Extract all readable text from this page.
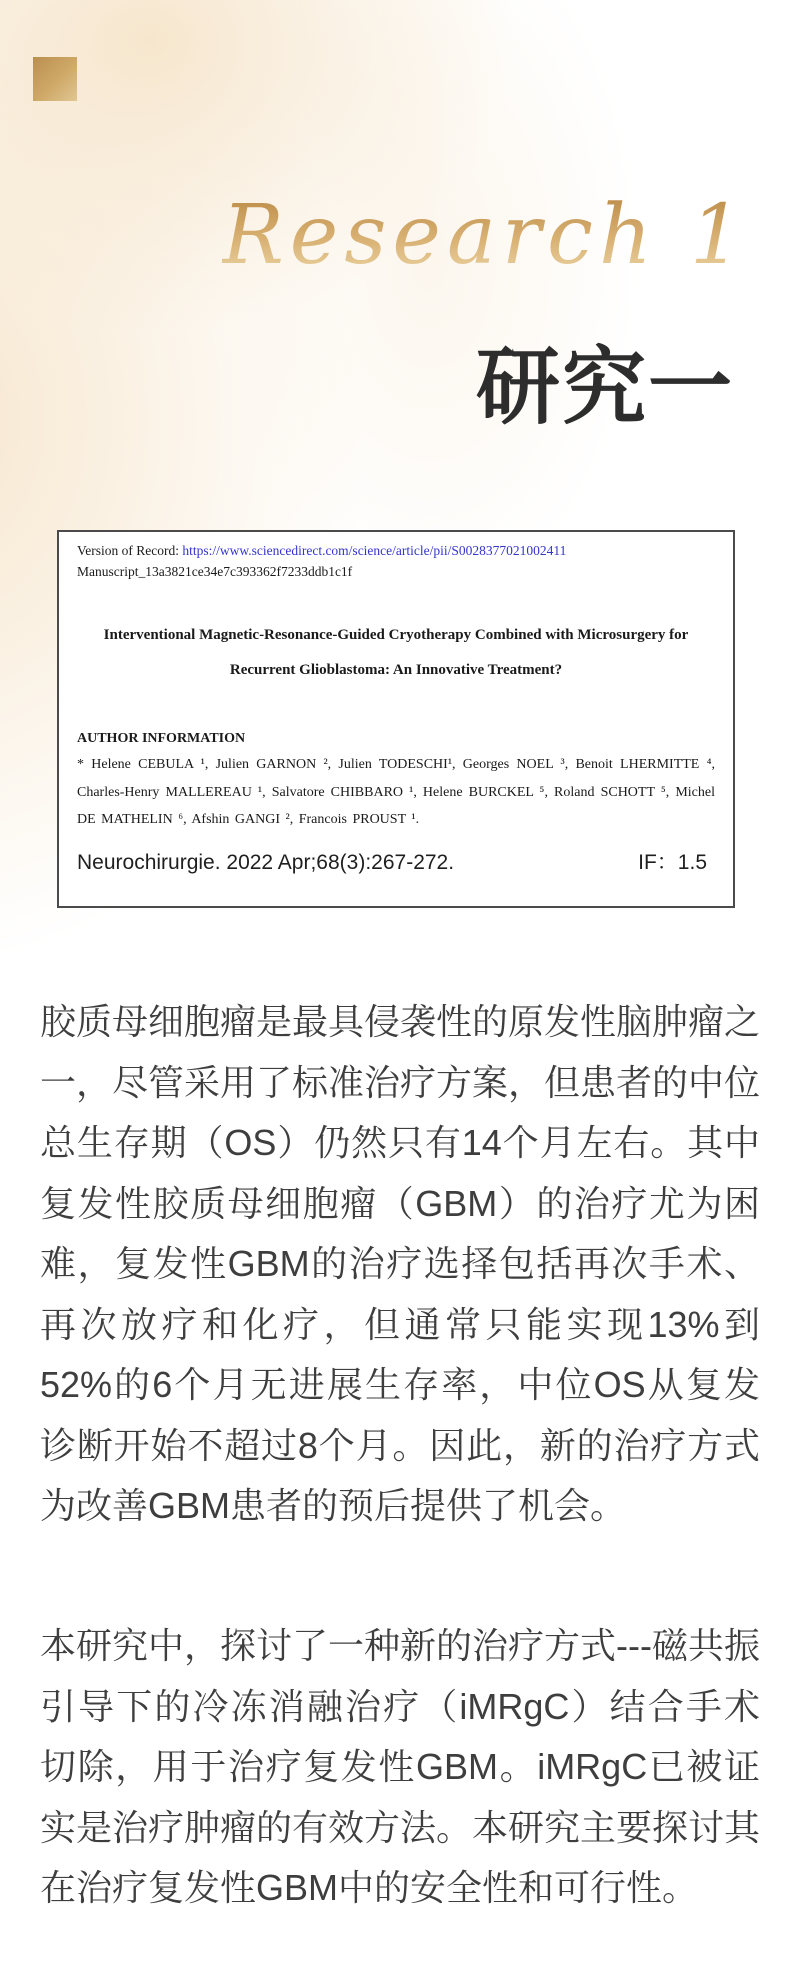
Research 1
研究一
Version of Record: https://www.sciencedirect.com/science/article/pii/S0028377021002411
Manuscript_13a3821ce34e7c393362f7233ddb1c1f
Interventional Magnetic-Resonance-Guided Cryotherapy Combined with Microsurgery for Recurrent Glioblastoma: An Innovative Treatment?
AUTHOR INFORMATION

* Helene CEBULA ¹, Julien GARNON ², Julien TODESCHI¹, Georges NOEL ³, Benoit LHERMITTE ⁴, Charles-Henry MALLEREAU ¹, Salvatore CHIBBARO ¹, Helene BURCKEL ⁵, Roland SCHOTT ⁵, Michel DE MATHELIN ⁶, Afshin GANGI ², Francois PROUST ¹.

Neurochirurgie. 2022 Apr;68(3):267-272.	IF：1.5

胶质母细胞瘤是最具侵袭性的原发性脑肿瘤之一，尽管采用了标准治疗方案，但患者的中位总生存期（OS）仍然只有14个月左右。其中复发性胶质母细胞瘤（GBM）的治疗尤为困难，复发性GBM的治疗选择包括再次手术、再次放疗和化疗，但通常只能实现13%到52%的6个月无进展生存率，中位OS从复发诊断开始不超过8个月。因此，新的治疗方式为改善GBM患者的预后提供了机会。

本研究中，探讨了一种新的治疗方式---磁共振引导下的冷冻消融治疗（iMRgC）结合手术切除，用于治疗复发性GBM。iMRgC已被证实是治疗肿瘤的有效方法。本研究主要探讨其在治疗复发性GBM中的安全性和可行性。
